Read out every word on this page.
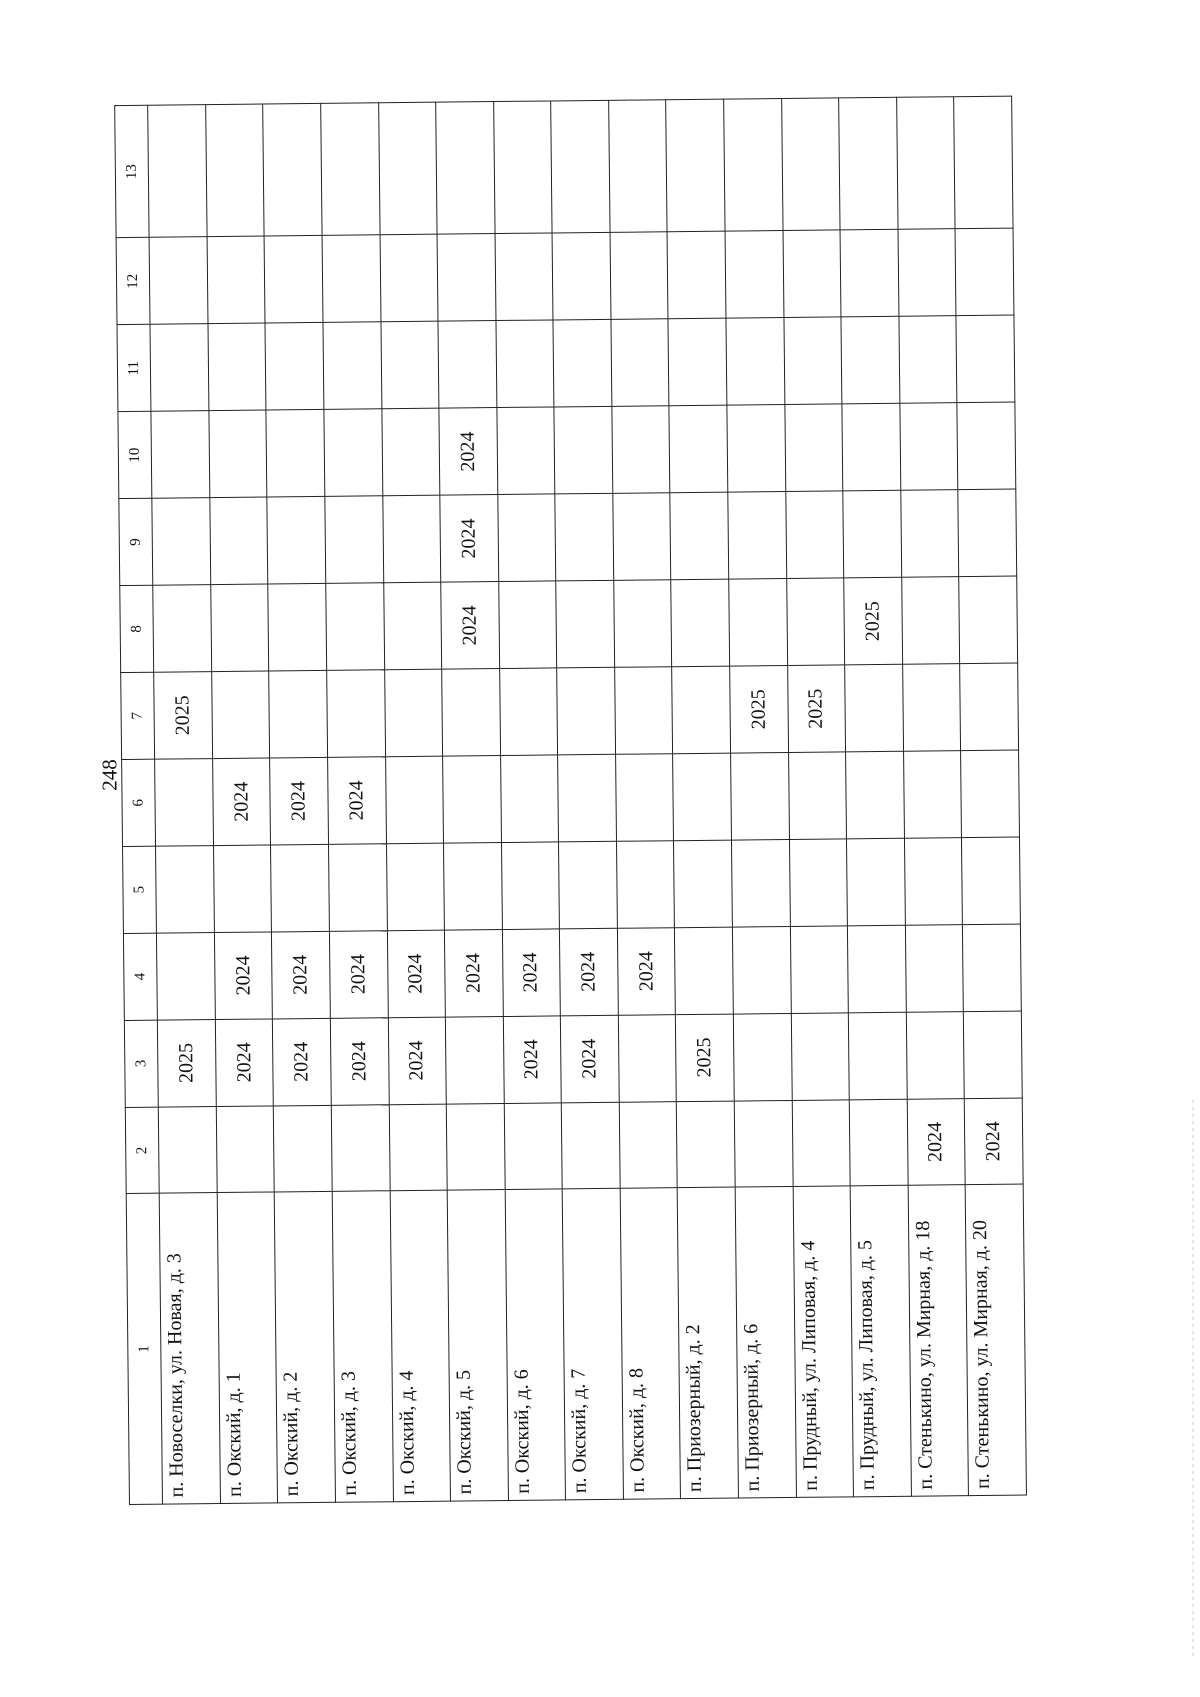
248
1	2	3	4	5	6	7	8	9	10	11	12	13
п. Новоселки, ул. Новая, д. 3		2025				2025						
п. Окский, д. 1		2024	2024		2024							
п. Окский, д. 2		2024	2024		2024							
п. Окский, д. 3		2024	2024		2024							
п. Окский, д. 4		2024	2024									
п. Окский, д. 5			2024				2024	2024	2024			
п. Окский, д. 6		2024	2024									
п. Окский, д. 7		2024	2024									
п. Окский, д. 8			2024									
п. Приозерный, д. 2		2025										
п. Приозерный, д. 6						2025						
п. Прудный, ул. Липовая, д. 4						2025						
п. Прудный, ул. Липовая, д. 5							2025					
п. Стенькино, ул. Мирная, д. 18	2024											
п. Стенькино, ул. Мирная, д. 20	2024											
